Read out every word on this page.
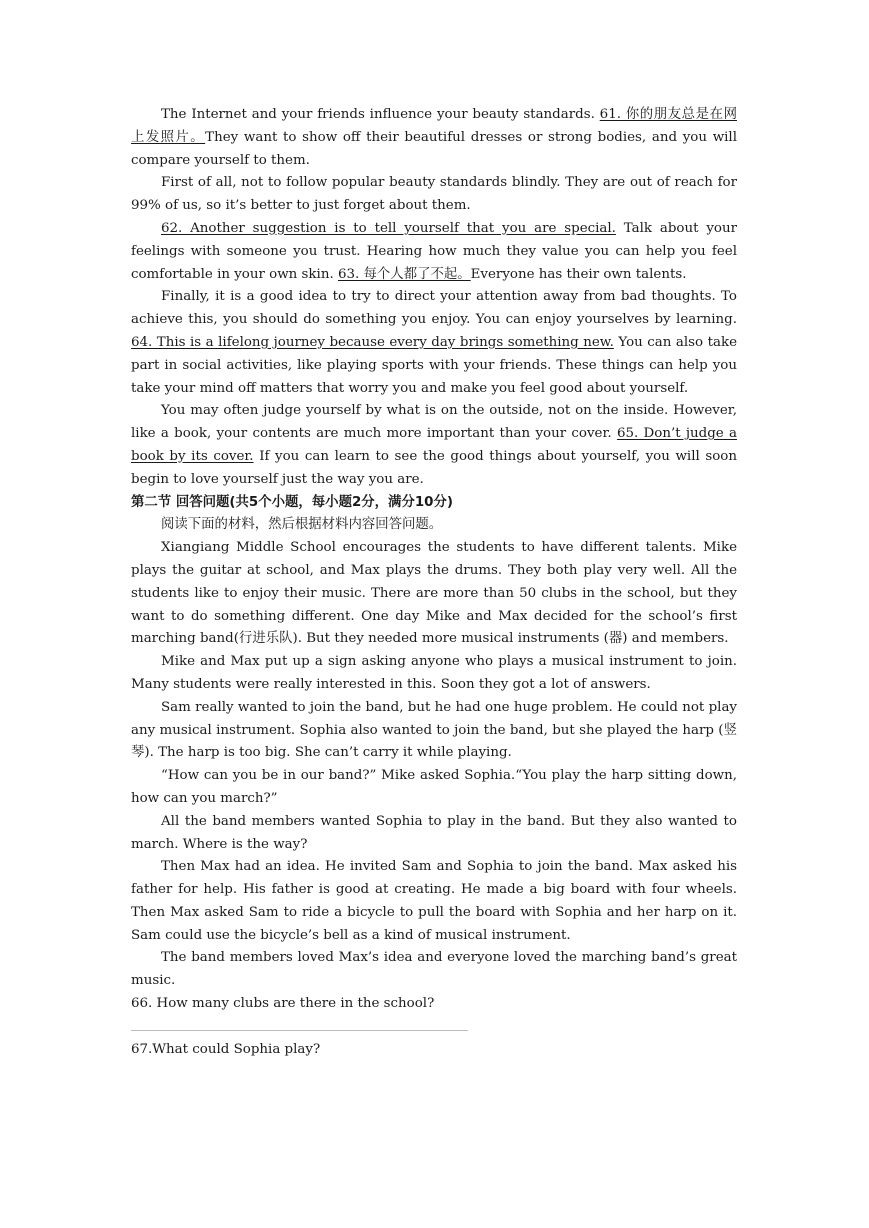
The Internet and your friends influence your beauty standards. 61. 你的朋友总是在网上发照片。They want to show off their beautiful dresses or strong bodies, and you will compare yourself to them.

First of all, not to follow popular beauty standards blindly. They are out of reach for 99% of us, so it’s better to just forget about them.

62. Another suggestion is to tell yourself that you are special. Talk about your feelings with someone you trust. Hearing how much they value you can help you feel comfortable in your own skin. 63. 每个人都了不起。Everyone has their own talents.

Finally, it is a good idea to try to direct your attention away from bad thoughts. To achieve this, you should do something you enjoy. You can enjoy yourselves by learning. 64. This is a lifelong journey because every day brings something new. You can also take part in social activities, like playing sports with your friends. These things can help you take your mind off matters that worry you and make you feel good about yourself.

You may often judge yourself by what is on the outside, not on the inside. However, like a book, your contents are much more important than your cover. 65. Don’t judge a book by its cover. If you can learn to see the good things about yourself, you will soon begin to love yourself just the way you are.

第二节 回答问题(共5个小题，每小题2分，满分10分)

阅读下面的材料，然后根据材料内容回答问题。

Xiangiang Middle School encourages the students to have different talents. Mike plays the guitar at school, and Max plays the drums. They both play very well. All the students like to enjoy their music. There are more than 50 clubs in the school, but they want to do something different. One day Mike and Max decided for the school’s first marching band(行进乐队). But they needed more musical instruments (器) and members.

Mike and Max put up a sign asking anyone who plays a musical instrument to join. Many students were really interested in this. Soon they got a lot of answers.

Sam really wanted to join the band, but he had one huge problem. He could not play any musical instrument. Sophia also wanted to join the band, but she played the harp (竖琴). The harp is too big. She can’t carry it while playing.

“How can you be in our band?” Mike asked Sophia.“You play the harp sitting down, how can you march?”

All the band members wanted Sophia to play in the band. But they also wanted to march. Where is the way?

Then Max had an idea. He invited Sam and Sophia to join the band. Max asked his father for help. His father is good at creating. He made a big board with four wheels. Then Max asked Sam to ride a bicycle to pull the board with Sophia and her harp on it. Sam could use the bicycle’s bell as a kind of musical instrument.

The band members loved Max’s idea and everyone loved the marching band’s great music.

66. How many clubs are there in the school?

67.What could Sophia play?
